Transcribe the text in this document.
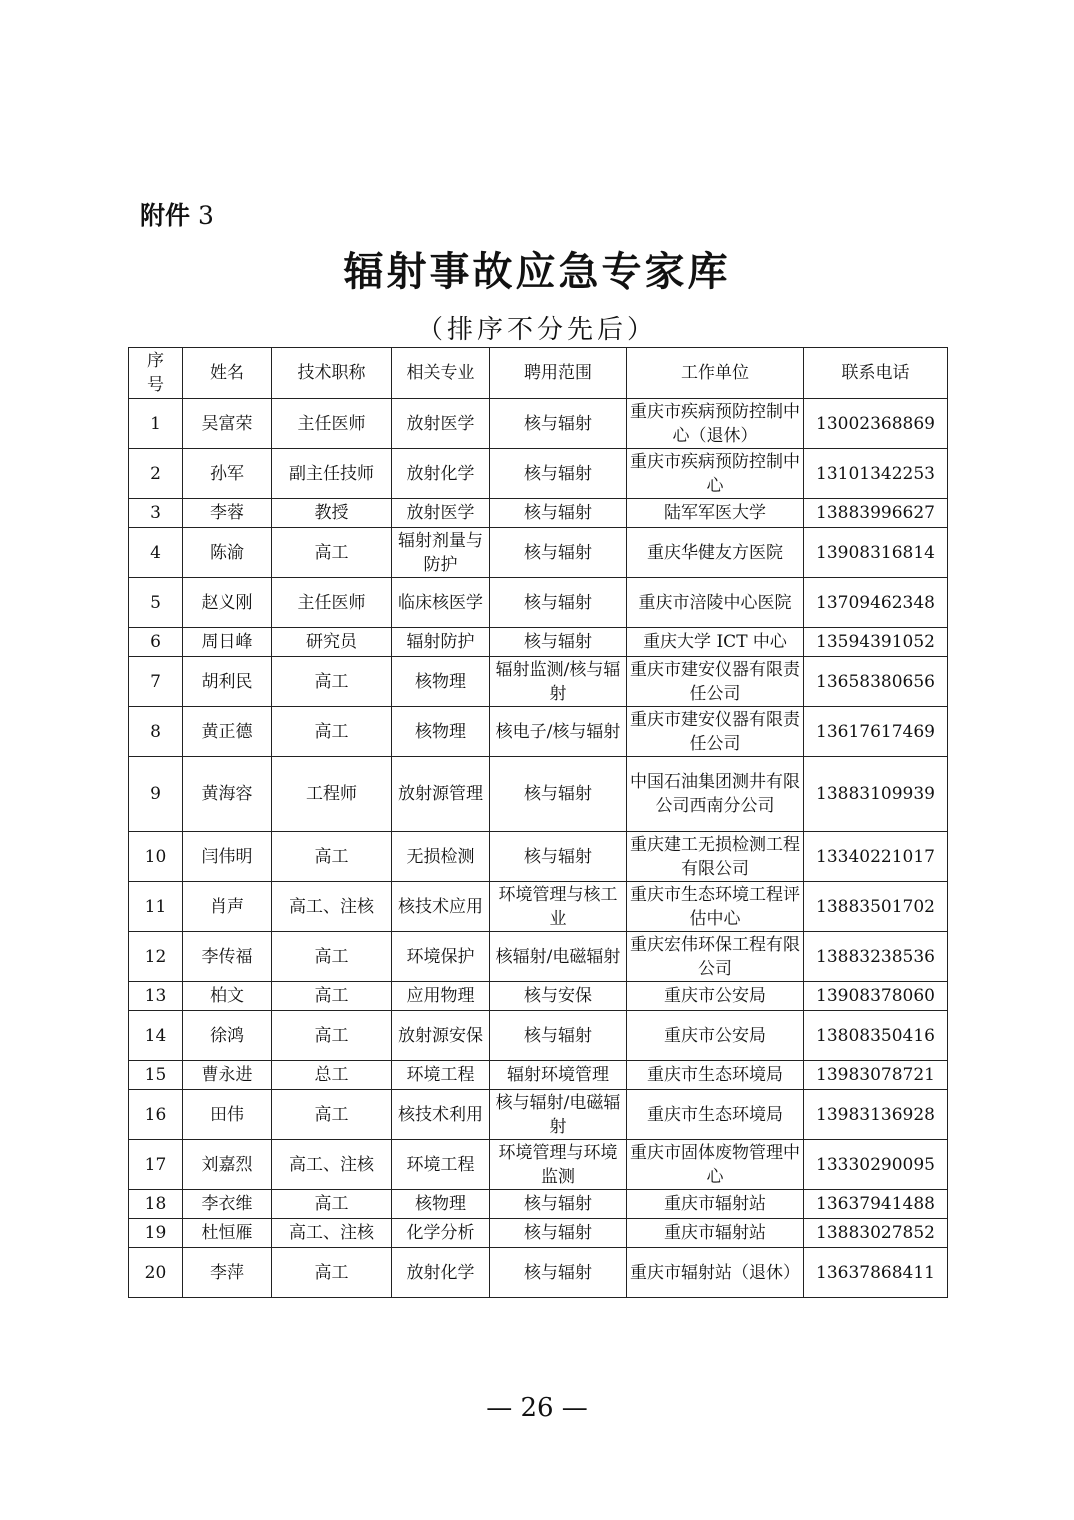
附件 3
辐射事故应急专家库
（排序不分先后）
序号	姓名	技术职称	相关专业	聘用范围	工作单位	联系电话
1	吴富荣	主任医师	放射医学	核与辐射	重庆市疾病预防控制中心（退休）	13002368869
2	孙军	副主任技师	放射化学	核与辐射	重庆市疾病预防控制中心	13101342253
3	李蓉	教授	放射医学	核与辐射	陆军军医大学	13883996627
4	陈渝	高工	辐射剂量与防护	核与辐射	重庆华健友方医院	13908316814
5	赵义刚	主任医师	临床核医学	核与辐射	重庆市涪陵中心医院	13709462348
6	周日峰	研究员	辐射防护	核与辐射	重庆大学 ICT 中心	13594391052
7	胡利民	高工	核物理	辐射监测/核与辐射	重庆市建安仪器有限责任公司	13658380656
8	黄正德	高工	核物理	核电子/核与辐射	重庆市建安仪器有限责任公司	13617617469
9	黄海容	工程师	放射源管理	核与辐射	中国石油集团测井有限公司西南分公司	13883109939
10	闫伟明	高工	无损检测	核与辐射	重庆建工无损检测工程有限公司	13340221017
11	肖声	高工、注核	核技术应用	环境管理与核工业	重庆市生态环境工程评估中心	13883501702
12	李传福	高工	环境保护	核辐射/电磁辐射	重庆宏伟环保工程有限公司	13883238536
13	柏文	高工	应用物理	核与安保	重庆市公安局	13908378060
14	徐鸿	高工	放射源安保	核与辐射	重庆市公安局	13808350416
15	曹永进	总工	环境工程	辐射环境管理	重庆市生态环境局	13983078721
16	田伟	高工	核技术利用	核与辐射/电磁辐射	重庆市生态环境局	13983136928
17	刘嘉烈	高工、注核	环境工程	环境管理与环境监测	重庆市固体废物管理中心	13330290095
18	李衣维	高工	核物理	核与辐射	重庆市辐射站	13637941488
19	杜恒雁	高工、注核	化学分析	核与辐射	重庆市辐射站	13883027852
20	李萍	高工	放射化学	核与辐射	重庆市辐射站（退休）	13637868411
— 26 —
